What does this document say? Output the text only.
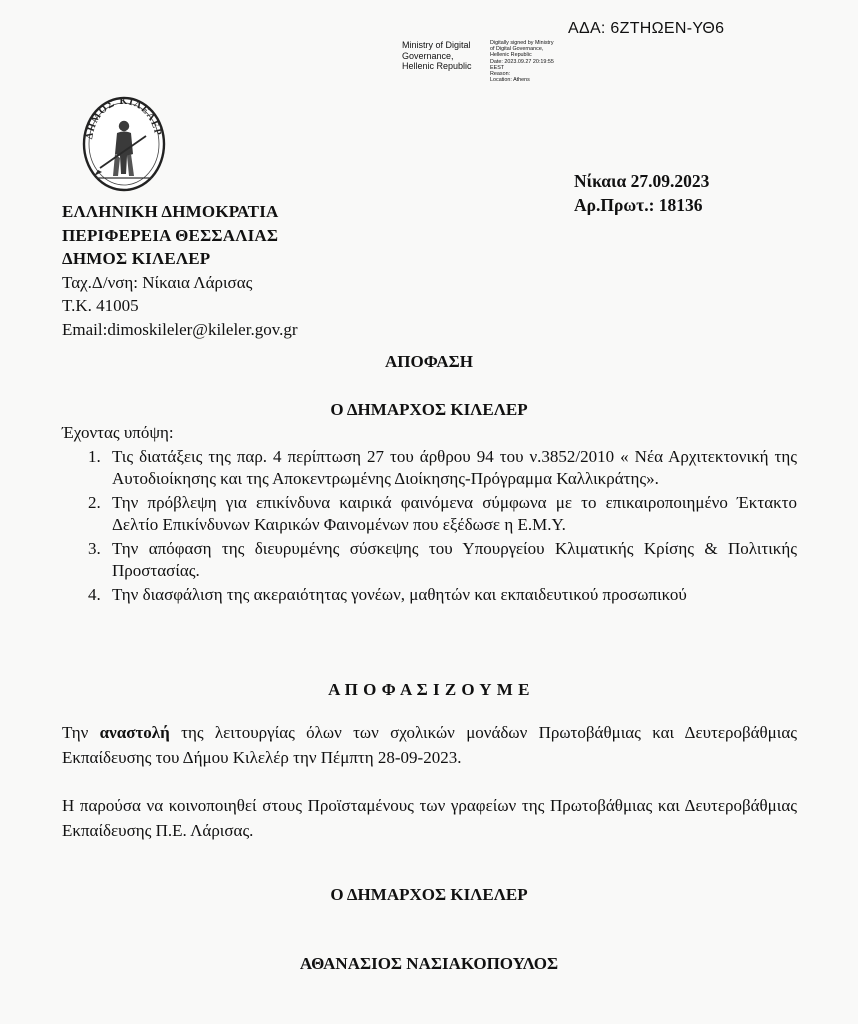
ΑΔΑ: 6ΖΤΗΩΕΝ-ΥΘ6
Ministry of Digital
Governance,
Hellenic Republic
Digitally signed by Ministry
of Digital Governance,
Hellenic Republic
Date: 2023.09.27 20:19:55
EEST
Reason:
Location: Athens
ΔΗΜΟΣ ΚΙΛΕΛΕΡ
Νίκαια 27.09.2023
Αρ.Πρωτ.: 18136
ΕΛΛΗΝΙΚΗ ΔΗΜΟΚΡΑΤΙΑ
ΠΕΡΙΦΕΡΕΙΑ ΘΕΣΣΑΛΙΑΣ
ΔΗΜΟΣ ΚΙΛΕΛΕΡ
Ταχ.Δ/νση: Νίκαια Λάρισας
Τ.Κ. 41005
Email:dimoskileler@kileler.gov.gr
ΑΠΟΦΑΣΗ
Ο ΔΗΜΑΡΧΟΣ ΚΙΛΕΛΕΡ
Έχοντας υπόψη:
1. Τις διατάξεις της παρ. 4 περίπτωση 27 του άρθρου 94 του ν.3852/2010 « Νέα Αρχιτεκτονική της Αυτοδιοίκησης και της Αποκεντρωμένης Διοίκησης-Πρόγραμμα Καλλικράτης».
2. Την πρόβλεψη για επικίνδυνα καιρικά φαινόμενα σύμφωνα με το επικαιροποιημένο Έκτακτο Δελτίο Επικίνδυνων Καιρικών Φαινομένων που εξέδωσε η Ε.Μ.Υ.
3. Την απόφαση της διευρυμένης σύσκεψης του Υπουργείου Κλιματικής Κρίσης & Πολιτικής Προστασίας.
4. Την διασφάλιση της ακεραιότητας γονέων, μαθητών και εκπαιδευτικού προσωπικού
Α Π Ο Φ Α Σ Ι Ζ Ο Υ Μ Ε
Την αναστολή της λειτουργίας όλων των σχολικών μονάδων Πρωτοβάθμιας και Δευτεροβάθμιας Εκπαίδευσης του Δήμου Κιλελέρ την Πέμπτη 28-09-2023.
Η παρούσα να κοινοποιηθεί στους Προϊσταμένους των γραφείων της Πρωτοβάθμιας και Δευτεροβάθμιας Εκπαίδευσης Π.Ε. Λάρισας.
Ο ΔΗΜΑΡΧΟΣ ΚΙΛΕΛΕΡ
ΑΘΑΝΑΣΙΟΣ ΝΑΣΙΑΚΟΠΟΥΛΟΣ
